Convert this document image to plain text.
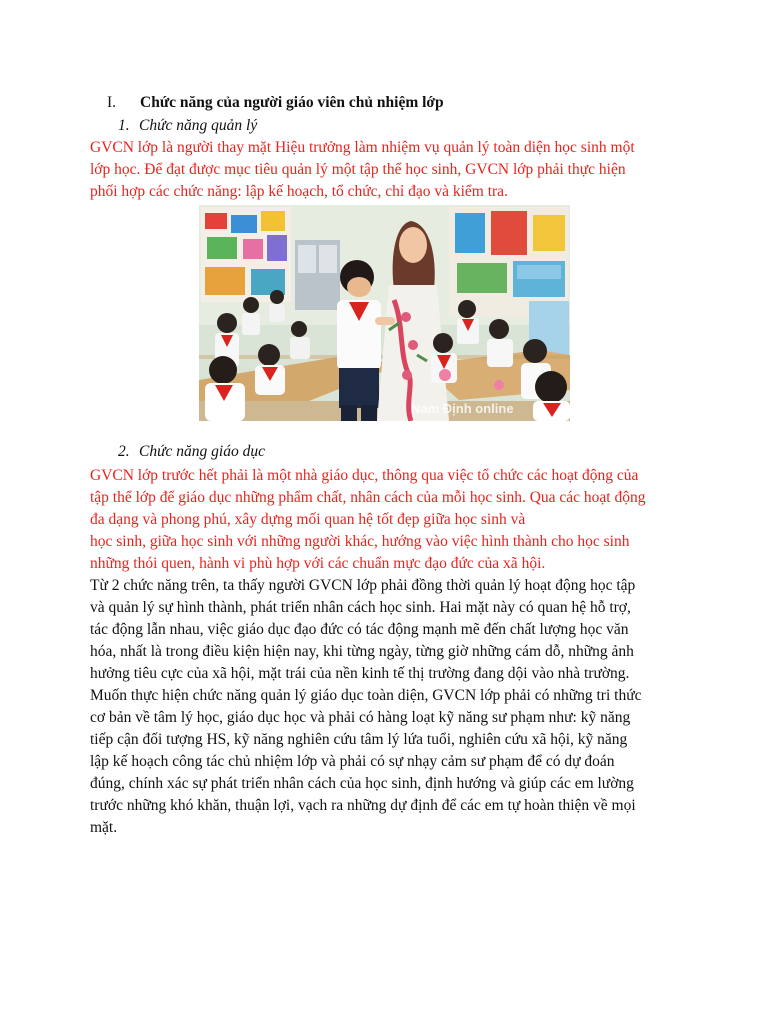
I. Chức năng của người giáo viên chủ nhiệm lớp
1. Chức năng quản lý
GVCN lớp là người thay mặt Hiệu trưởng làm nhiệm vụ quản lý toàn diện học sinh một
lớp học. Để đạt được mục tiêu quản lý một tập thể học sinh, GVCN lớp phải thực hiện
phối hợp các chức năng: lập kế hoạch, tổ chức, chỉ đạo và kiểm tra.
Nam Định online
2. Chức năng giáo dục
GVCN lớp trước hết phải là một nhà giáo dục, thông qua việc tổ chức các hoạt động của
tập thể lớp để giáo dục những phẩm chất, nhân cách của mỗi học sinh. Qua các hoạt động
đa dạng và phong phú, xây dựng mối quan hệ tốt đẹp giữa học sinh và
học sinh, giữa học sinh với những người khác, hướng vào việc hình thành cho học sinh
những thói quen, hành vi phù hợp với các chuẩn mực đạo đức của xã hội.
Từ 2 chức năng trên, ta thấy người GVCN lớp phải đồng thời quản lý hoạt động học tập
và quản lý sự hình thành, phát triển nhân cách học sinh. Hai mặt này có quan hệ hỗ trợ,
tác động lẫn nhau, việc giáo dục đạo đức có tác động mạnh mẽ đến chất lượng học văn
hóa, nhất là trong điều kiện hiện nay, khi từng ngày, từng giờ những cám dỗ, những ảnh
hưởng tiêu cực của xã hội, mặt trái của nền kinh tế thị trường đang dội vào nhà trường.
Muốn thực hiện chức năng quản lý giáo dục toàn diện, GVCN lớp phải có những tri thức
cơ bản về tâm lý học, giáo dục học và phải có hàng loạt kỹ năng sư phạm như: kỹ năng
tiếp cận đối tượng HS, kỹ năng nghiên cứu tâm lý lứa tuổi, nghiên cứu xã hội, kỹ năng
lập kế hoạch công tác chủ nhiệm lớp và phải có sự nhạy cảm sư phạm để có dự đoán
đúng, chính xác sự phát triển nhân cách của học sinh, định hướng và giúp các em lường
trước những khó khăn, thuận lợi, vạch ra những dự định để các em tự hoàn thiện về mọi
mặt.
